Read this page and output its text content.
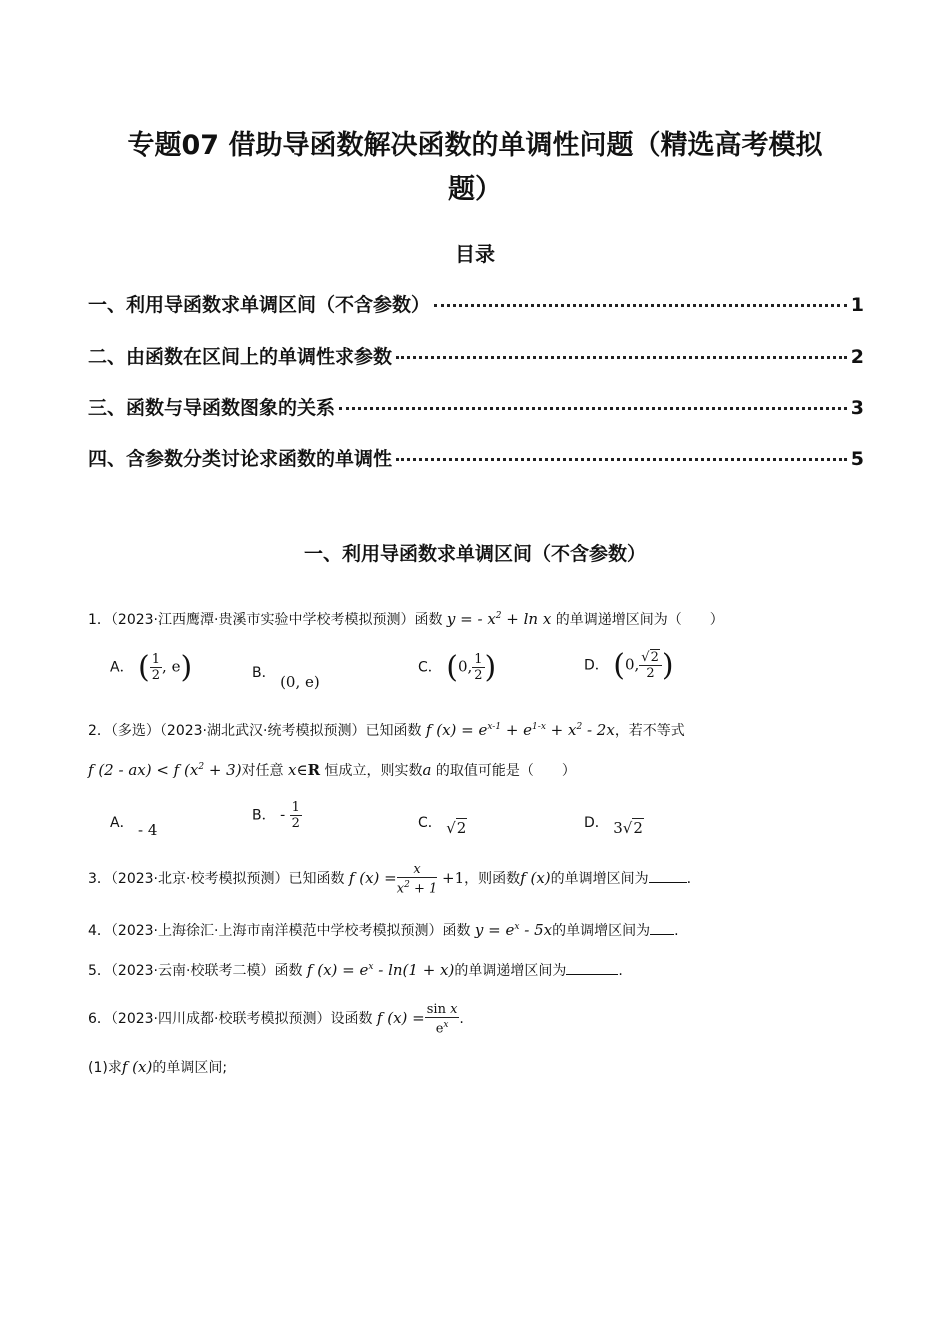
专题07 借助导函数解决函数的单调性问题（精选高考模拟
题）
目录
一、利用导函数求单调区间（不含参数）	1
二、由函数在区间上的单调性求参数	2
三、函数与导函数图象的关系	3
四、含参数分类讨论求函数的单调性	5
一、利用导函数求单调区间（不含参数）
1．（2023·江西鹰潭·贵溪市实验中学校考模拟预测）函数 y = - $x^2 + \ln x$ 的单调递增区间为（　　）
A． ( $\frac{1}{2}$ , e)	B． (0, e)
C． (0, $\frac{1}{2}$ )	D． (0, $\frac{√2}{2}$ )
2．（多选）（2023·湖北武汉·统考模拟预测）已知函数 f $(x) = e^{x-1} + e^{1-x} + x^2 - 2x$，若不等式
f (2 - ax) < f $(x^2 + 3)$对任意 x∈R 恒成立，则实数a 的取值可能是（　　）
A． - 4
B． - $\frac{1}{2}$	C． √2	D． 3√2
3．（2023·北京·校考模拟预测）已知函数 f $(x) = \frac{x}{x^2 + 1} +1$，则函数f (x)的单调增区间为	.
4．（2023·上海徐汇·上海市南洋模范中学校考模拟预测）函数 $y = e^x - 5x$的单调增区间为 .
5．（2023·云南·校联考二模）函数 f $(x) = e^x - \ln(1 + x)$的单调递增区间为	.
6．（2023·四川成都·校联考模拟预测）设函数 f $(x) = \frac{\text{sin x}}{e^x}$ .
(1)求f (x)的单调区间;
